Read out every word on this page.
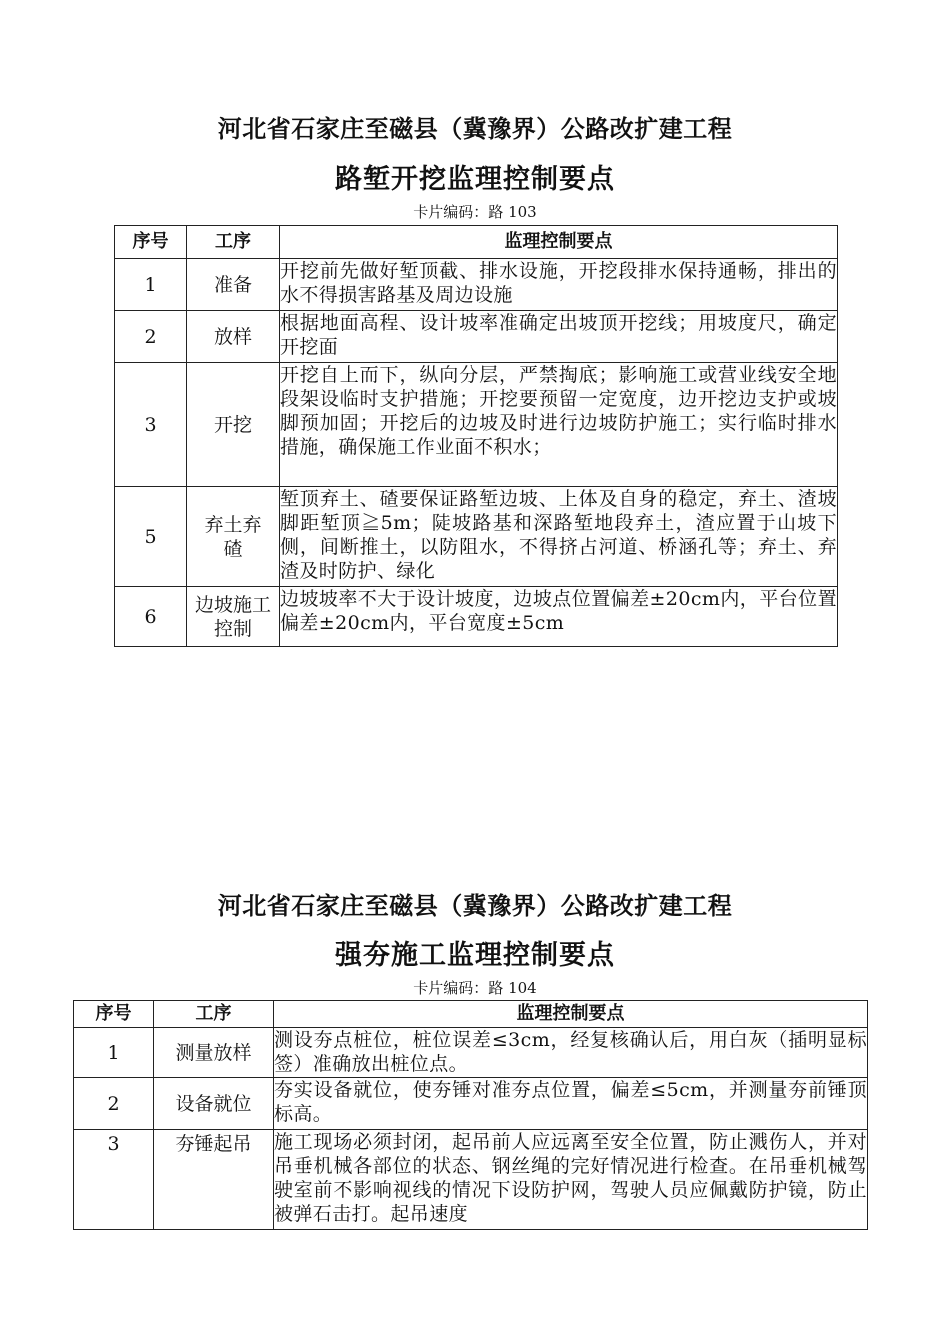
河北省石家庄至磁县（冀豫界）公路改扩建工程
路堑开挖监理控制要点
卡片编码：路 103
序号	工序	监理控制要点
1	准备	开挖前先做好堑顶截、排水设施，开挖段排水保持通畅，排出的水不得损害路基及周边设施
2	放样	根据地面高程、设计坡率准确定出坡顶开挖线；用坡度尺，确定开挖面
3	开挖	开挖自上而下，纵向分层，严禁掏底；影响施工或营业线安全地段架设临时支护措施；开挖要预留一定宽度，边开挖边支护或坡脚预加固；开挖后的边坡及时进行边坡防护施工；实行临时排水措施，确保施工作业面不积水；
5	弃土弃碴	堑顶弃土、碴要保证路堑边坡、上体及自身的稳定，弃土、渣坡脚距堑顶≧5m；陡坡路基和深路堑地段弃土，渣应置于山坡下侧，间断推土，以防阻水，不得挤占河道、桥涵孔等；弃土、弃渣及时防护、绿化
6	边坡施工控制	边坡坡率不大于设计坡度，边坡点位置偏差±20cm内，平台位置偏差±20cm内，平台宽度±5cm
河北省石家庄至磁县（冀豫界）公路改扩建工程
强夯施工监理控制要点
卡片编码：路 104
序号	工序	监理控制要点
1	测量放样	测设夯点桩位，桩位误差≤3cm，经复核确认后，用白灰（插明显标签）准确放出桩位点。
2	设备就位	夯实设备就位，使夯锤对准夯点位置，偏差≤5cm，并测量夯前锤顶标高。
3	夯锤起吊	施工现场必须封闭，起吊前人应远离至安全位置，防止溅伤人，并对吊垂机械各部位的状态、钢丝绳的完好情况进行检查。在吊垂机械驾驶室前不影响视线的情况下设防护网，驾驶人员应佩戴防护镜，防止被弹石击打。起吊速度
